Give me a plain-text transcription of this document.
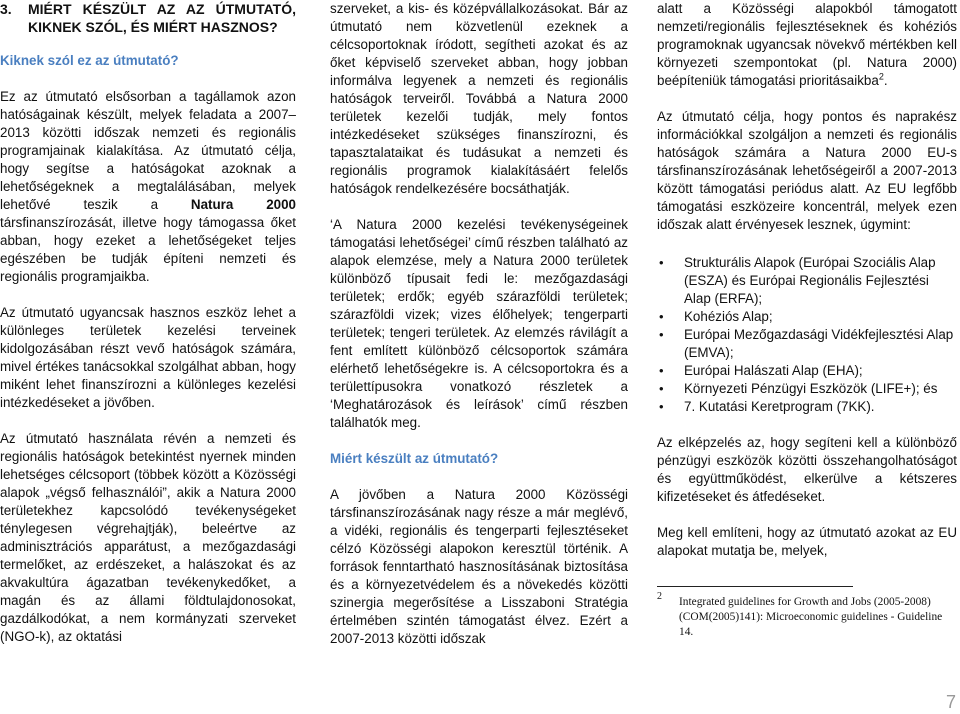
3. MIÉRT KÉSZÜLT AZ AZ ÚTMUTATÓ, KIKNEK SZÓL, ÉS MIÉRT HASZNOS?

Kiknek szól ez az útmutató?

Ez az útmutató elsősorban a tagállamok azon hatóságainak készült, melyek feladata a 2007–2013 közötti időszak nemzeti és regionális programjainak kialakítása. Az útmutató célja, hogy segítse a hatóságokat azoknak a lehetőségeknek a megtalálásában, melyek lehetővé teszik a Natura 2000 társfinanszírozását, illetve hogy támogassa őket abban, hogy ezeket a lehetőségeket teljes egészében be tudják építeni nemzeti és regionális programjaikba.

Az útmutató ugyancsak hasznos eszköz lehet a különleges területek kezelési terveinek kidolgozásában részt vevő hatóságok számára, mivel értékes tanácsokkal szolgálhat abban, hogy miként lehet finanszírozni a különleges kezelési intézkedéseket a jövőben.

Az útmutató használata révén a nemzeti és regionális hatóságok betekintést nyernek minden lehetséges célcsoport (többek között a Közösségi alapok „végső felhasználói”, akik a Natura 2000 területekhez kapcsolódó tevékenységeket ténylegesen végrehajtják), beleértve az adminisztrációs apparátust, a mezőgazdasági termelőket, az erdészeket, a halászokat és az akvakultúra ágazatban tevékenykedőket, a magán és az állami földtulajdonosokat, gazdálkodókat, a nem kormányzati szerveket (NGO-k), az oktatási

szerveket, a kis- és középvállalkozásokat. Bár az útmutató nem közvetlenül ezeknek a célcsoportoknak íródott, segítheti azokat és az őket képviselő szerveket abban, hogy jobban informálva legyenek a nemzeti és regionális hatóságok terveiről. Továbbá a Natura 2000 területek kezelői tudják, mely fontos intézkedéseket szükséges finanszírozni, és tapasztalataikat és tudásukat a nemzeti és regionális programok kialakításáért felelős hatóságok rendelkezésére bocsáthatják.

‘A Natura 2000 kezelési tevékenységeinek támogatási lehetőségei’ című részben található az alapok elemzése, mely a Natura 2000 területek különböző típusait fedi le: mezőgazdasági területek; erdők; egyéb szárazföldi területek; szárazföldi vizek; vizes élőhelyek; tengerparti területek; tengeri területek. Az elemzés rávilágít a fent említett különböző célcsoportok számára elérhető lehetőségekre is. A célcsoportokra és a területtípusokra vonatkozó részletek a ‘Meghatározások és leírások’ című részben találhatók meg.

Miért készült az útmutató?

A jövőben a Natura 2000 Közösségi társfinanszírozásának nagy része a már meglévő, a vidéki, regionális és tengerparti fejlesztéseket célzó Közösségi alapokon keresztül történik. A források fenntartható hasznosításának biztosítása és a környezetvédelem és a növekedés közötti szinergia megerősítése a Lisszaboni Stratégia értelmében szintén támogatást élvez. Ezért a 2007-2013 közötti időszak

alatt a Közösségi alapokból támogatott nemzeti/regionális fejlesztéseknek és kohéziós programoknak ugyancsak növekvő mértékben kell környezeti szempontokat (pl. Natura 2000) beépíteniük támogatási prioritásaikba$^2$.

Az útmutató célja, hogy pontos és naprakész információkkal szolgáljon a nemzeti és regionális hatóságok számára a Natura 2000 EU-s társfinanszírozásának lehetőségeiről a 2007-2013 között támogatási periódus alatt. Az EU legfőbb támogatási eszközeire koncentrál, melyek ezen időszak alatt érvényesek lesznek, úgymint:

• Strukturális Alapok (Európai Szociális Alap (ESZA) és Európai Regionális Fejlesztési Alap (ERFA);
• Kohéziós Alap;
• Európai Mezőgazdasági Vidékfejlesztési Alap (EMVA);
• Európai Halászati Alap (EHA);
• Környezeti Pénzügyi Eszközök (LIFE+); és
• 7. Kutatási Keretprogram (7KK).

Az elképzelés az, hogy segíteni kell a különböző pénzügyi eszközök közötti összehangolhatóságot és együttműködést, elkerülve a kétszeres kifizetéseket és átfedéseket.

Meg kell említeni, hogy az útmutató azokat az EU alapokat mutatja be, melyek,

2 Integrated guidelines for Growth and Jobs (2005-2008) (COM(2005)141): Microeconomic guidelines - Guideline 14.
7
